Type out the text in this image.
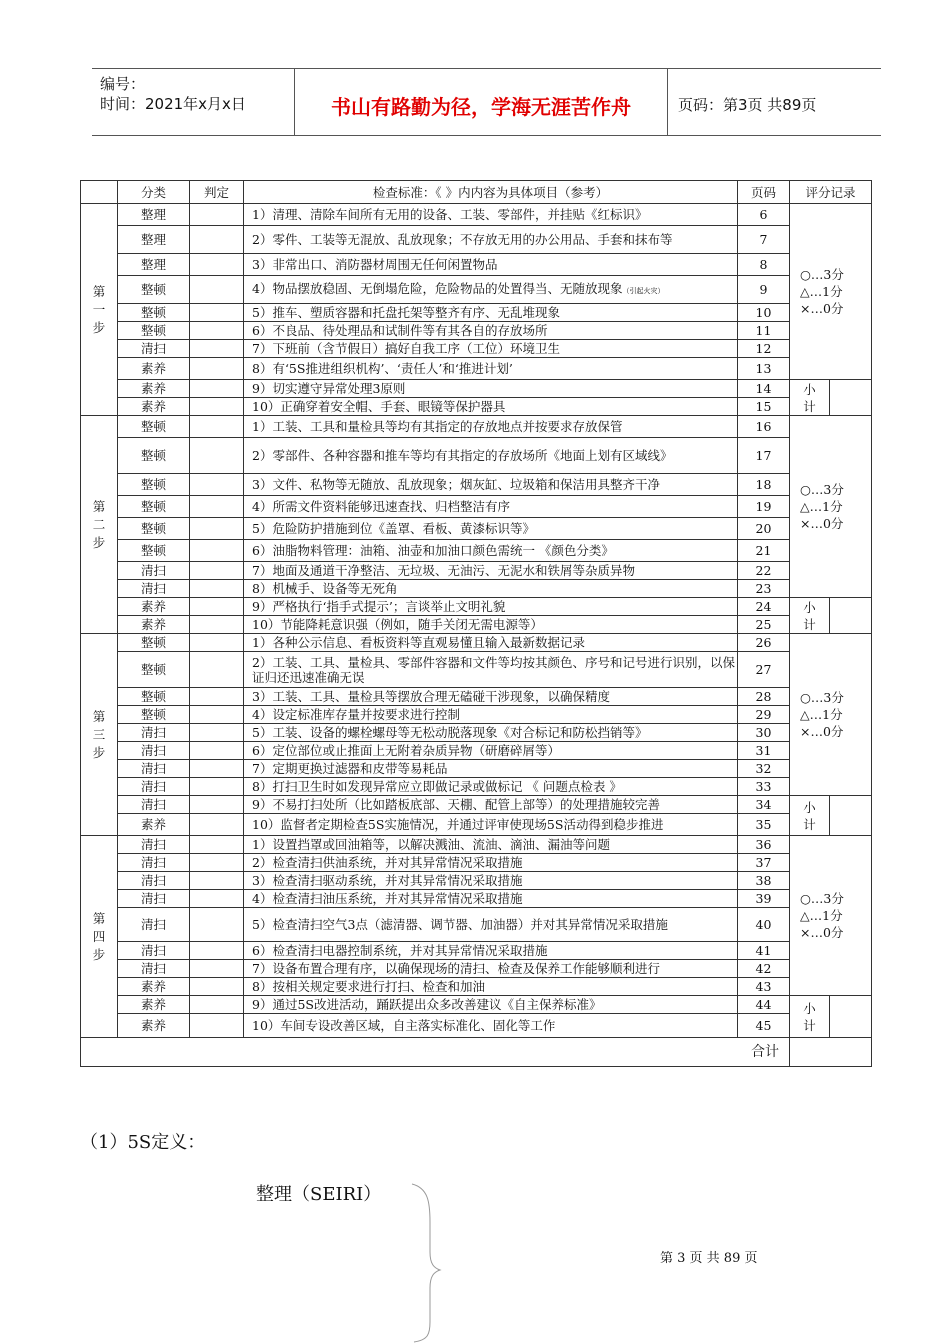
编号：
时间：2021年x月x日	书山有路勤为径，学海无涯苦作舟	页码：第3页 共89页
	分类	判定	检查标准：《 》内内容为具体项目（参考）	页码	评分记录	
第一步	整理		1）清理、清除车间所有无用的设备、工装、零部件，并挂贴《红标识》	6	○…3分
△…1分
×…0分	

	整理		2）零件、工装等无混放、乱放现象；不存放无用的办公用品、手套和抹布等	7		
	整理		3）非常出口、消防器材周围无任何闲置物品	8		
	整顿		4）物品摆放稳固、无倒塌危险，危险物品的处置得当、无随放现象（引起火灾）	9		
	整顿		5）推车、塑质容器和托盘托架等整齐有序、无乱堆现象	10		
	整顿		6）不良品、待处理品和试制件等有其各自的存放场所	11		
	清扫		7）下班前（含节假日）搞好自我工序（工位）环境卫生	12		
	素养		8）有‘5S推进组织机构’、‘责任人’和‘推进计划’	13		
	素养		9）切实遵守异常处理3原则	14	小计	
	素养		10）正确穿着安全帽、手套、眼镜等保护器具	15		
第二步	整顿		1）工装、工具和量检具等均有其指定的存放地点并按要求存放保管	16	○…3分
△…1分
×…0分	

	整顿		2）零部件、各种容器和推车等均有其指定的存放场所《地面上划有区域线》	17		
	整顿		3）文件、私物等无随放、乱放现象；烟灰缸、垃圾箱和保洁用具整齐干净	18		
	整顿		4）所需文件资料能够迅速查找、归档整洁有序	19		
	整顿		5）危险防护措施到位《盖罩、看板、黄漆标识等》	20		
	整顿		6）油脂物料管理：油箱、油壶和加油口颜色需统一 《颜色分类》	21		
	清扫		7）地面及通道干净整洁、无垃圾、无油污、无泥水和铁屑等杂质异物	22		
	清扫		8）机械手、设备等无死角	23		
	素养		9）严格执行‘指手式提示’；言谈举止文明礼貌	24	小计	
	素养		10）节能降耗意识强（例如，随手关闭无需电源等）	25		
第三步	整顿		1）各种公示信息、看板资料等直观易懂且输入最新数据记录	26	○…3分
△…1分
×…0分	

	整顿		2）工装、工具、量检具、零部件容器和文件等均按其颜色、序号和记号进行识别，以保证归还迅速准确无误	27		
	整顿		3）工装、工具、量检具等摆放合理无磕碰干涉现象，以确保精度	28		
	整顿		4）设定标准库存量并按要求进行控制	29		
	清扫		5）工装、设备的螺栓螺母等无松动脱落现象《对合标记和防松挡销等》	30		
	清扫		6）定位部位或止推面上无附着杂质异物（研磨碎屑等）	31		
	清扫		7）定期更换过滤器和皮带等易耗品	32		
	清扫		8）打扫卫生时如发现异常应立即做记录或做标记 《 问题点检表 》	33		
	清扫		9）不易打扫处所（比如踏板底部、天棚、配管上部等）的处理措施较完善	34	小计	
	素养		10）监督者定期检查5S实施情况，并通过评审使现场5S活动得到稳步推进	35		
第四步	清扫		1）设置挡罩或回油箱等，以解决溅油、流油、滴油、漏油等问题	36	○…3分
△…1分
×…0分	

	清扫		2）检查清扫供油系统，并对其异常情况采取措施	37		
	清扫		3）检查清扫驱动系统，并对其异常情况采取措施	38		
	清扫		4）检查清扫油压系统，并对其异常情况采取措施	39		
	清扫		5）检查清扫空气3点（滤清器、调节器、加油器）并对其异常情况采取措施	40		
	清扫		6）检查清扫电器控制系统，并对其异常情况采取措施	41		
	清扫		7）设备布置合理有序，以确保现场的清扫、检查及保养工作能够顺利进行	42		
	素养		8）按相关规定要求进行打扫、检查和加油	43		
	素养		9）通过5S改进活动，踊跃提出众多改善建议《自主保养标准》	44	小计	
	素养		10）车间专设改善区域，自主落实标准化、固化等工作	45		
合计						
（1）5S定义：
整理（SEIRI）
第 3 页 共 89 页
